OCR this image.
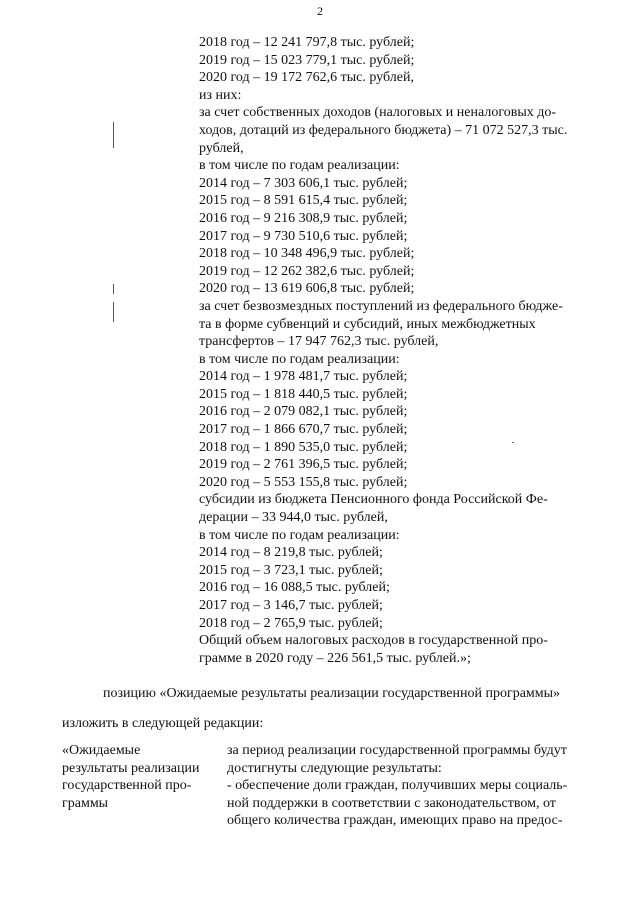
2
2018 год – 12 241 797,8 тыс. рублей;
2019 год – 15 023 779,1 тыс. рублей;
2020 год – 19 172 762,6 тыс. рублей,
из них:
за счет собственных доходов (налоговых и неналоговых до-
ходов, дотаций из федерального бюджета) – 71 072 527,3 тыс.
рублей,
в том числе по годам реализации:
2014 год – 7 303 606,1 тыс. рублей;
2015 год – 8 591 615,4 тыс. рублей;
2016 год – 9 216 308,9 тыс. рублей;
2017 год – 9 730 510,6 тыс. рублей;
2018 год – 10 348 496,9 тыс. рублей;
2019 год – 12 262 382,6 тыс. рублей;
2020 год – 13 619 606,8 тыс. рублей;
за счет безвозмездных поступлений из федерального бюдже-
та в форме субвенций и субсидий, иных межбюджетных
трансфертов – 17 947 762,3 тыс. рублей,
в том числе по годам реализации:
2014 год – 1 978 481,7 тыс. рублей;
2015 год – 1 818 440,5 тыс. рублей;
2016 год – 2 079 082,1 тыс. рублей;
2017 год – 1 866 670,7 тыс. рублей;
2018 год – 1 890 535,0 тыс. рублей;
2019 год – 2 761 396,5 тыс. рублей;
2020 год – 5 553 155,8 тыс. рублей;
субсидии из бюджета Пенсионного фонда Российской Фе-
дерации – 33 944,0 тыс. рублей,
в том числе по годам реализации:
2014 год – 8 219,8 тыс. рублей;
2015 год – 3 723,1 тыс. рублей;
2016 год – 16 088,5 тыс. рублей;
2017 год – 3 146,7 тыс. рублей;
2018 год – 2 765,9 тыс. рублей;
Общий объем налоговых расходов в государственной про-
грамме в 2020 году – 226 561,5 тыс. рублей.»;
позицию «Ожидаемые результаты реализации государственной программы»
изложить в следующей редакции:
«Ожидаемые
результаты реализации
государственной про-
граммы
за период реализации государственной программы будут
достигнуты следующие результаты:
- обеспечение доли граждан, получивших меры социаль-
ной поддержки в соответствии с законодательством, от
общего количества граждан, имеющих право на предос-
